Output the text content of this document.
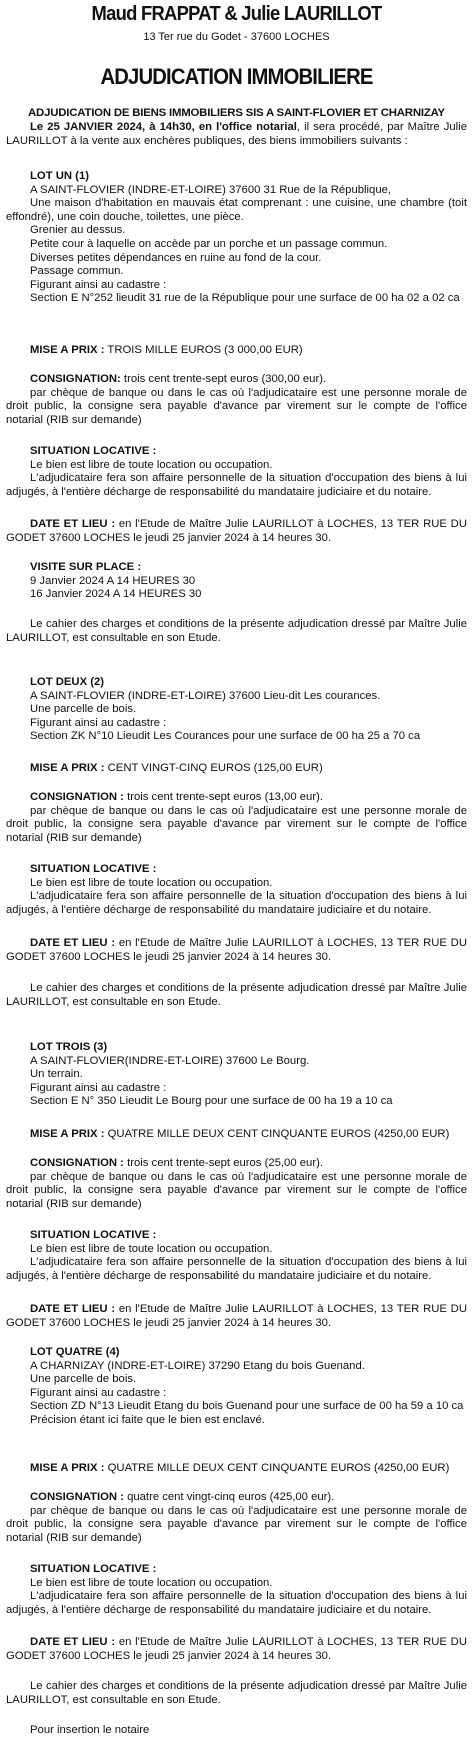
Maud FRAPPAT & Julie LAURILLOT
13 Ter rue du Godet - 37600 LOCHES
ADJUDICATION IMMOBILIERE
ADJUDICATION DE BIENS IMMOBILIERS SIS A SAINT-FLOVIER ET CHARNIZAY
Le 25 JANVIER 2024, à 14h30, en l'office notarial, il sera procédé, par Maître Julie LAURILLOT à la vente aux enchères publiques, des biens immobiliers suivants :

LOT UN (1)

A SAINT-FLOVIER (INDRE-ET-LOIRE) 37600 31 Rue de la République,

Une maison d'habitation en mauvais état comprenant : une cuisine, une chambre (toit effondré), une coin douche, toilettes, une pièce.

Grenier au dessus.

Petite cour à laquelle on accède par un porche et un passage commun.

Diverses petites dépendances en ruine au fond de la cour.

Passage commun.

Figurant ainsi au cadastre :

Section E N°252 lieudit 31 rue de la République pour une surface de 00 ha 02 a 02 ca

MISE A PRIX : TROIS MILLE EUROS (3 000,00 EUR)

CONSIGNATION: trois cent trente-sept euros (300,00 eur).

par chèque de banque ou dans le cas où l'adjudicataire est une personne morale de droit public, la consigne sera payable d'avance par virement sur le compte de l'office notarial (RIB sur demande)

SITUATION LOCATIVE :

Le bien est libre de toute location ou occupation.

L'adjudicataire fera son affaire personnelle de la situation d'occupation des biens à lui adjugés, à l'entière décharge de responsabilité du mandataire judiciaire et du notaire.

DATE ET LIEU : en l'Etude de Maître Julie LAURILLOT à LOCHES, 13 TER RUE DU GODET 37600 LOCHES le jeudi 25 janvier 2024 à 14 heures 30.

VISITE SUR PLACE :

9 Janvier 2024 A 14 HEURES 30

16 Janvier 2024 A 14 HEURES 30

Le cahier des charges et conditions de la présente adjudication dressé par Maître Julie LAURILLOT, est consultable en son Etude.

LOT DEUX (2)

A SAINT-FLOVIER (INDRE-ET-LOIRE) 37600 Lieu-dit Les courances.

Une parcelle de bois.

Figurant ainsi au cadastre :

Section ZK N°10 Lieudit Les Courances pour une surface de 00 ha 25 a 70 ca

MISE A PRIX : CENT VINGT-CINQ EUROS (125,00 EUR)

CONSIGNATION : trois cent trente-sept euros (13,00 eur).

par chèque de banque ou dans le cas où l'adjudicataire est une personne morale de droit public, la consigne sera payable d'avance par virement sur le compte de l'office notarial (RIB sur demande)

SITUATION LOCATIVE :

Le bien est libre de toute location ou occupation.

L'adjudicataire fera son affaire personnelle de la situation d'occupation des biens à lui adjugés, à l'entière décharge de responsabilité du mandataire judiciaire et du notaire.

DATE ET LIEU : en l'Etude de Maître Julie LAURILLOT à LOCHES, 13 TER RUE DU GODET 37600 LOCHES le jeudi 25 janvier 2024 à 14 heures 30.
Le cahier des charges et conditions de la présente adjudication dressé par Maître Julie LAURILLOT, est consultable en son Etude.

LOT TROIS (3)

A SAINT-FLOVIER(INDRE-ET-LOIRE) 37600 Le Bourg.

Un terrain.

Figurant ainsi au cadastre :

Section E N° 350 Lieudit Le Bourg pour une surface de 00 ha 19 a 10 ca

MISE A PRIX : QUATRE MILLE DEUX CENT CINQUANTE EUROS (4250,00 EUR)

CONSIGNATION : trois cent trente-sept euros (25,00 eur).

par chèque de banque ou dans le cas où l'adjudicataire est une personne morale de droit public, la consigne sera payable d'avance par virement sur le compte de l'office notarial (RIB sur demande)

SITUATION LOCATIVE :

Le bien est libre de toute location ou occupation.

L'adjudicataire fera son affaire personnelle de la situation d'occupation des biens à lui adjugés, à l'entière décharge de responsabilité du mandataire judiciaire et du notaire.

DATE ET LIEU : en l'Etude de Maître Julie LAURILLOT à LOCHES, 13 TER RUE DU GODET 37600 LOCHES le jeudi 25 janvier 2024 à 14 heures 30.

LOT QUATRE (4)

A CHARNIZAY (INDRE-ET-LOIRE) 37290 Etang du bois Guenand.

Une parcelle de bois.

Figurant ainsi au cadastre :

Section ZD N°13 Lieudit Etang du bois Guenand pour une surface de 00 ha 59 a 10 ca

Précision étant ici faite que le bien est enclavé.

MISE A PRIX : QUATRE MILLE DEUX CENT CINQUANTE EUROS (4250,00 EUR)

CONSIGNATION : quatre cent vingt-cinq euros (425,00 eur).

par chèque de banque ou dans le cas où l'adjudicataire est une personne morale de droit public, la consigne sera payable d'avance par virement sur le compte de l'office notarial (RIB sur demande)

SITUATION LOCATIVE :

Le bien est libre de toute location ou occupation.

L'adjudicataire fera son affaire personnelle de la situation d'occupation des biens à lui adjugés, à l'entière décharge de responsabilité du mandataire judiciaire et du notaire.

DATE ET LIEU : en l'Etude de Maître Julie LAURILLOT à LOCHES, 13 TER RUE DU GODET 37600 LOCHES le jeudi 25 janvier 2024 à 14 heures 30.
Le cahier des charges et conditions de la présente adjudication dressé par Maître Julie LAURILLOT, est consultable en son Etude.
Pour insertion le notaire
